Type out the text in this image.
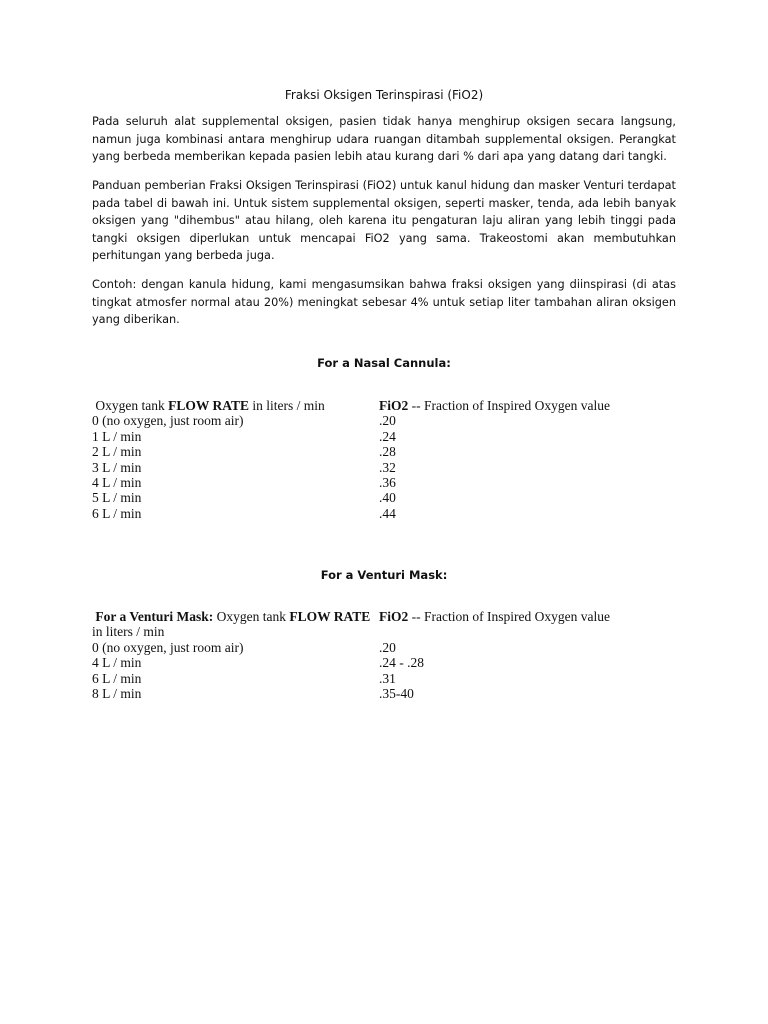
Fraksi Oksigen Terinspirasi (FiO2)

Pada seluruh alat supplemental oksigen, pasien tidak hanya menghirup oksigen secara langsung, namun juga kombinasi antara menghirup udara ruangan ditambah supplemental oksigen. Perangkat yang berbeda memberikan kepada pasien lebih atau kurang dari % dari apa yang datang dari tangki.

Panduan pemberian Fraksi Oksigen Terinspirasi (FiO2) untuk kanul hidung dan masker Venturi terdapat pada tabel di bawah ini. Untuk sistem supplemental oksigen, seperti masker, tenda, ada lebih banyak oksigen yang "dihembus" atau hilang, oleh karena itu pengaturan laju aliran yang lebih tinggi pada tangki oksigen diperlukan untuk mencapai FiO2 yang sama. Trakeostomi akan membutuhkan perhitungan yang berbeda juga.

Contoh: dengan kanula hidung, kami mengasumsikan bahwa fraksi oksigen yang diinspirasi (di atas tingkat atmosfer normal atau 20%) meningkat sebesar 4% untuk setiap liter tambahan aliran oksigen yang diberikan.

For a Nasal Cannula:
Oxygen tank FLOW RATE in liters / min	FiO2 -- Fraction of Inspired Oxygen value
0 (no oxygen, just room air)	.20
1 L / min	.24
2 L / min	.28
3 L / min	.32
4 L / min	.36
5 L / min	.40
6 L / min	.44
For a Venturi Mask:
For a Venturi Mask: Oxygen tank FLOW RATE in liters / min	FiO2 -- Fraction of Inspired Oxygen value
0 (no oxygen, just room air)	.20
4 L / min	.24 - .28
6 L / min	.31
8 L / min	.35-40
